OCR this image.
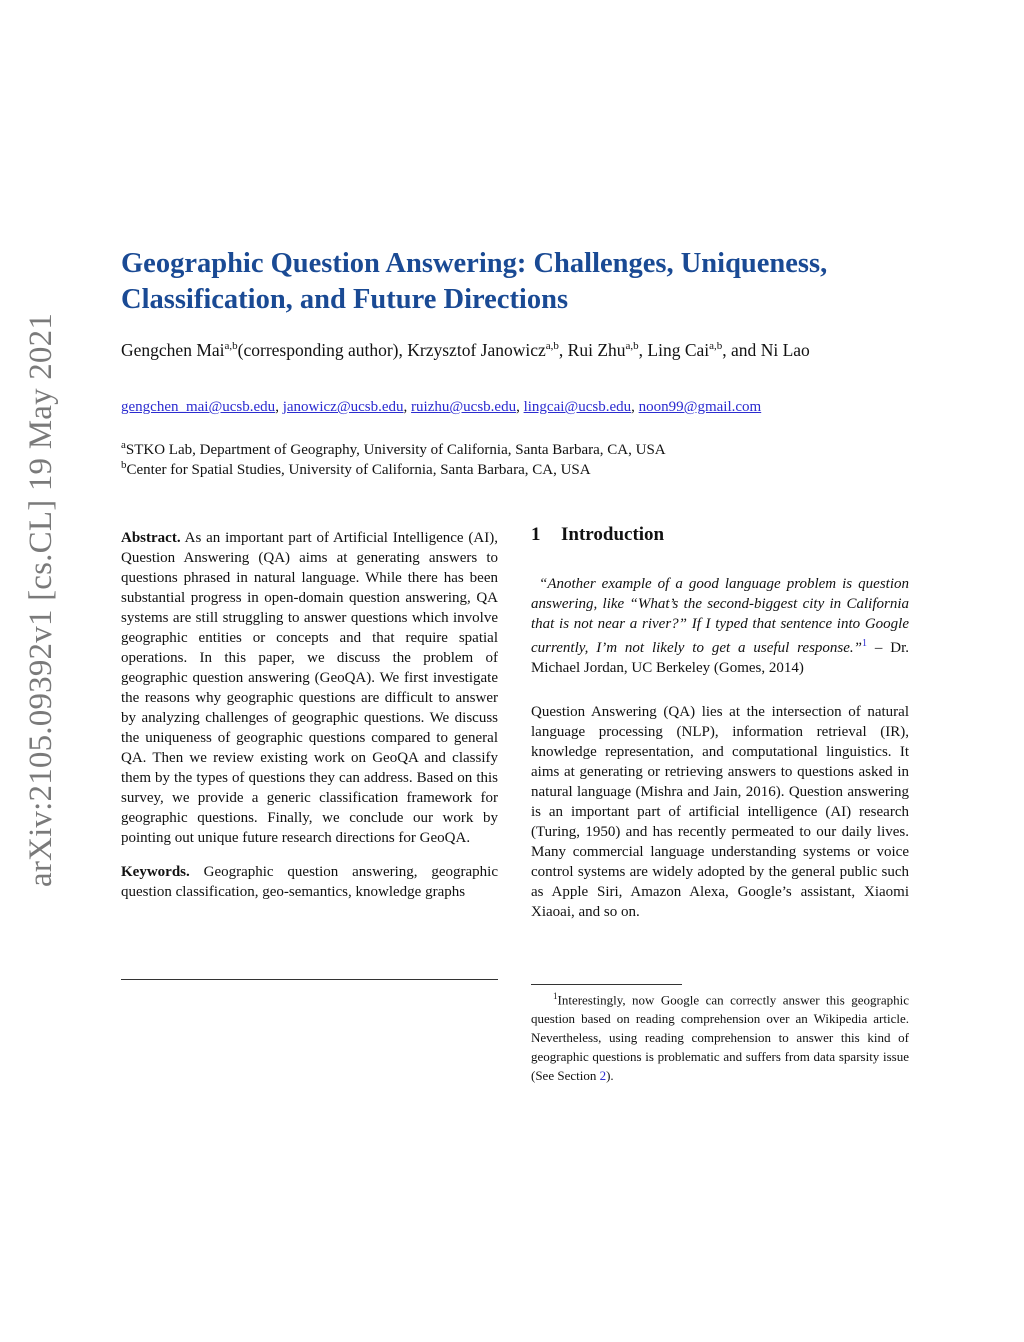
arXiv:2105.09392v1 [cs.CL] 19 May 2021
Geographic Question Answering: Challenges, Uniqueness, Classification, and Future Directions
Gengchen Mai$^{a,b}$(corresponding author), Krzysztof Janowicz$^{a,b}$, Rui Zhu$^{a,b}$, Ling Cai$^{a,b}$, and Ni Lao
gengchen_mai@ucsb.edu, janowicz@ucsb.edu, ruizhu@ucsb.edu, lingcai@ucsb.edu, noon99@gmail.com
$^a$STKO Lab, Department of Geography, University of California, Santa Barbara, CA, USA
$^b$Center for Spatial Studies, University of California, Santa Barbara, CA, USA

Abstract. As an important part of Artificial Intelligence (AI), Question Answering (QA) aims at generating answers to questions phrased in natural language. While there has been substantial progress in open-domain question answering, QA systems are still struggling to answer questions which involve geographic entities or concepts and that require spatial operations. In this paper, we discuss the problem of geographic question answering (GeoQA). We first investigate the reasons why geographic questions are difficult to answer by analyzing challenges of geographic questions. We discuss the uniqueness of geographic questions compared to general QA. Then we review existing work on GeoQA and classify them by the types of questions they can address. Based on this survey, we provide a generic classification framework for geographic questions. Finally, we conclude our work by pointing out unique future research directions for GeoQA.

Keywords. Geographic question answering, geographic question classification, geo-semantics, knowledge graphs

1 Introduction

“Another example of a good language problem is question answering, like “What’s the second-biggest city in California that is not near a river?” If I typed that sentence into Google currently, I’m not likely to get a useful response.”$^1$ – Dr. Michael Jordan, UC Berkeley (Gomes, 2014)

Question Answering (QA) lies at the intersection of natural language processing (NLP), information retrieval (IR), knowledge representation, and computational linguistics. It aims at generating or retrieving answers to questions asked in natural language (Mishra and Jain, 2016). Question answering is an important part of artificial intelligence (AI) research (Turing, 1950) and has recently permeated to our daily lives. Many commercial language understanding systems or voice control systems are widely adopted by the general public such as Apple Siri, Amazon Alexa, Google’s assistant, Xiaomi Xiaoai, and so on.

$^1$Interestingly, now Google can correctly answer this geographic question based on reading comprehension over an Wikipedia article. Nevertheless, using reading comprehension to answer this kind of geographic questions is problematic and suffers from data sparsity issue (See Section 2).
